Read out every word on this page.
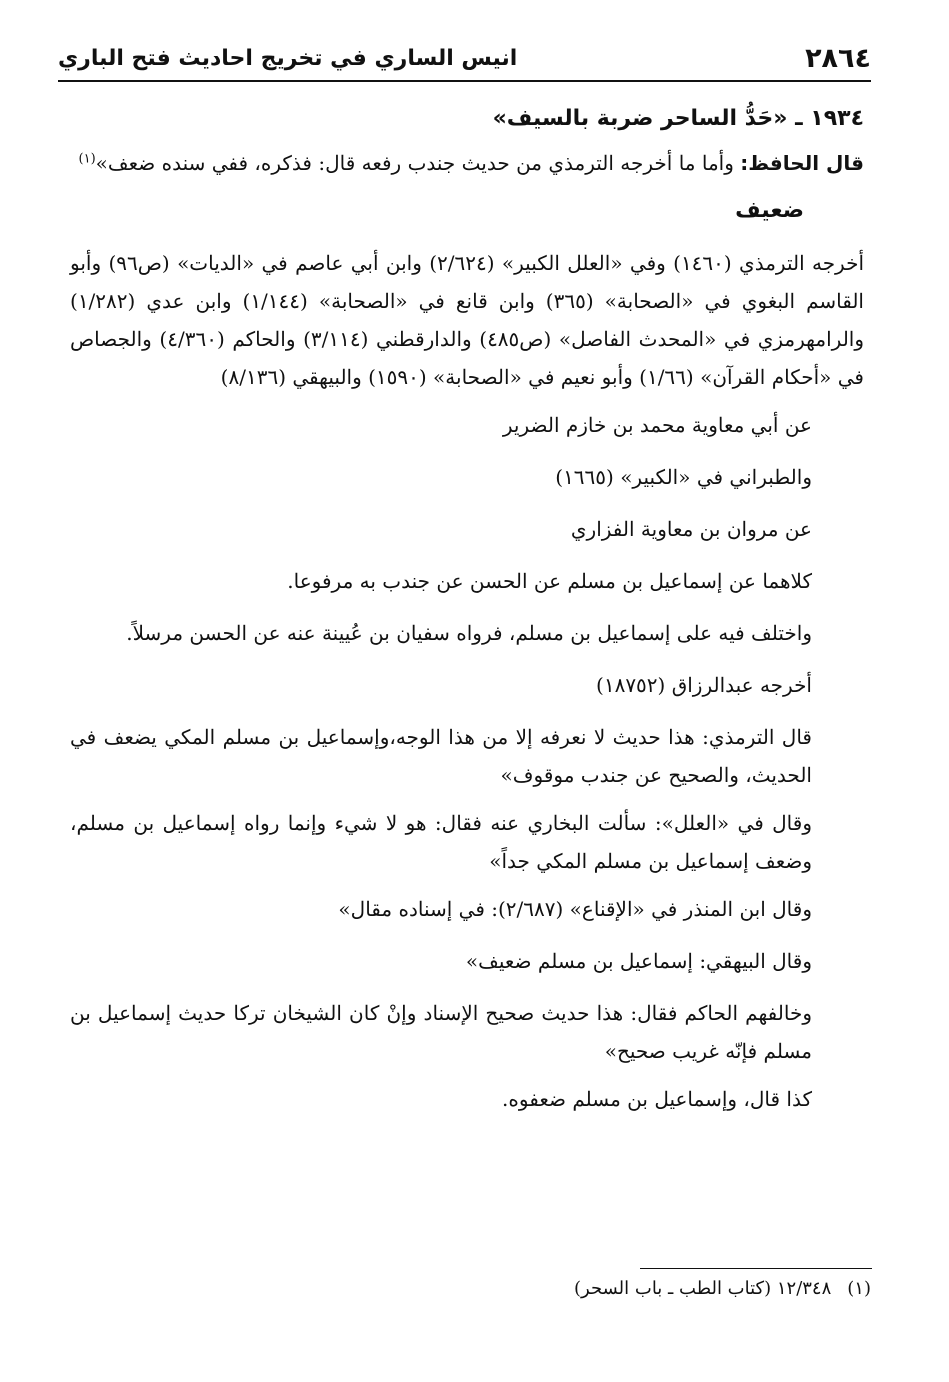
٢٨٦٤
انيس الساري في تخريج احاديث فتح الباري

١٩٣٤ ـ «حَدُّ الساحر ضربة بالسيف»

قال الحافظ: وأما ما أخرجه الترمذي من حديث جندب رفعه قال: فذكره، ففي سنده ضعف»$^{(١)}$

ضعيف

أخرجه الترمذي (١٤٦٠) وفي «العلل الكبير» (٢/٦٢٤) وابن أبي عاصم في «الديات» (ص٩٦) وأبو القاسم البغوي في «الصحابة» (٣٦٥) وابن قانع في «الصحابة» (١/١٤٤) وابن عدي (١/٢٨٢) والرامهرمزي في «المحدث الفاصل» (ص٤٨٥) والدارقطني (٣/١١٤) والحاكم (٤/٣٦٠) والجصاص في «أحكام القرآن» (١/٦٦) وأبو نعيم في «الصحابة» (١٥٩٠) والبيهقي (٨/١٣٦)

عن أبي معاوية محمد بن خازم الضرير

والطبراني في «الكبير» (١٦٦٥)

عن مروان بن معاوية الفزاري

كلاهما عن إسماعيل بن مسلم عن الحسن عن جندب به مرفوعا.

واختلف فيه على إسماعيل بن مسلم، فرواه سفيان بن عُيينة عنه عن الحسن مرسلاً.

أخرجه عبدالرزاق (١٨٧٥٢)

قال الترمذي: هذا حديث لا نعرفه إلا من هذا الوجه،وإسماعيل بن مسلم المكي يضعف في الحديث، والصحيح عن جندب موقوف»

وقال في «العلل»: سألت البخاري عنه فقال: هو لا شيء وإنما رواه إسماعيل بن مسلم، وضعف إسماعيل بن مسلم المكي جداً»

وقال ابن المنذر في «الإقناع» (٢/٦٨٧): في إسناده مقال»

وقال البيهقي: إسماعيل بن مسلم ضعيف»

وخالفهم الحاكم فقال: هذا حديث صحيح الإسناد وإنْ كان الشيخان تركا حديث إسماعيل بن مسلم فإنّه غريب صحيح»

كذا قال، وإسماعيل بن مسلم ضعفوه.

(١)١٢/٣٤٨ (كتاب الطب ـ باب السحر)
